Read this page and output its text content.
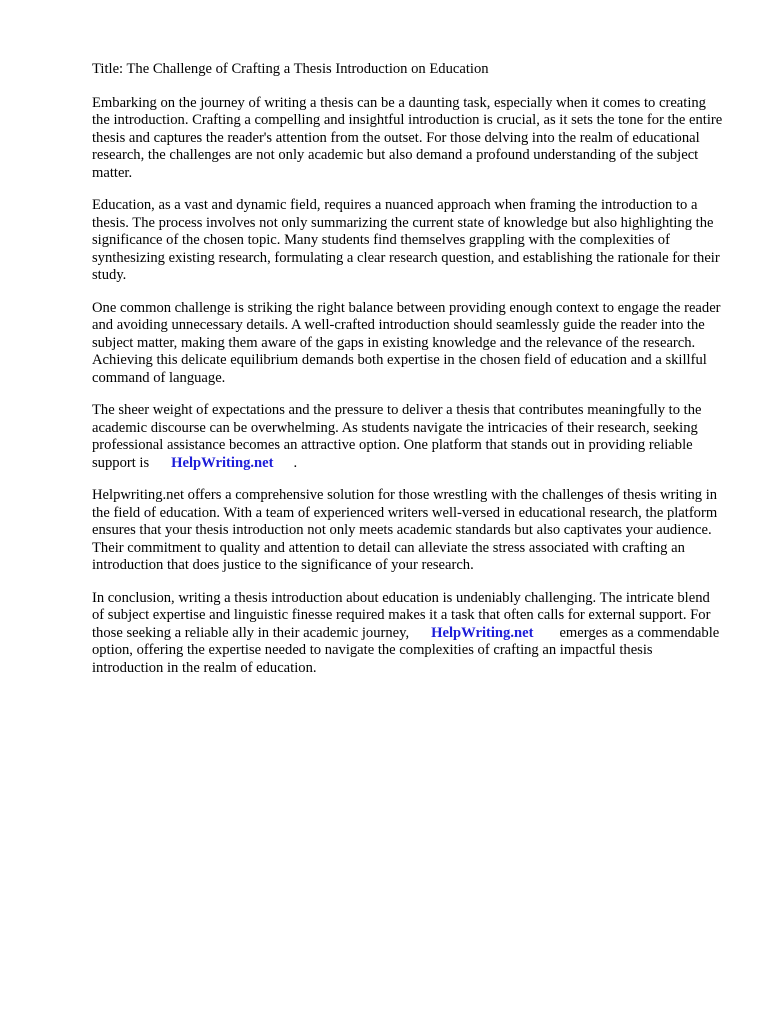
Title: The Challenge of Crafting a Thesis Introduction on Education

Embarking on the journey of writing a thesis can be a daunting task, especially when it comes to creating the introduction. Crafting a compelling and insightful introduction is crucial, as it sets the tone for the entire thesis and captures the reader's attention from the outset. For those delving into the realm of educational research, the challenges are not only academic but also demand a profound understanding of the subject matter.

Education, as a vast and dynamic field, requires a nuanced approach when framing the introduction to a thesis. The process involves not only summarizing the current state of knowledge but also highlighting the significance of the chosen topic. Many students find themselves grappling with the complexities of synthesizing existing research, formulating a clear research question, and establishing the rationale for their study.

One common challenge is striking the right balance between providing enough context to engage the reader and avoiding unnecessary details. A well-crafted introduction should seamlessly guide the reader into the subject matter, making them aware of the gaps in existing knowledge and the relevance of the research. Achieving this delicate equilibrium demands both expertise in the chosen field of education and a skillful command of language.

The sheer weight of expectations and the pressure to deliver a thesis that contributes meaningfully to the academic discourse can be overwhelming. As students navigate the intricacies of their research, seeking professional assistance becomes an attractive option. One platform that stands out in providing reliable support is HelpWriting.net .

Helpwriting.net offers a comprehensive solution for those wrestling with the challenges of thesis writing in the field of education. With a team of experienced writers well-versed in educational research, the platform ensures that your thesis introduction not only meets academic standards but also captivates your audience. Their commitment to quality and attention to detail can alleviate the stress associated with crafting an introduction that does justice to the significance of your research.

In conclusion, writing a thesis introduction about education is undeniably challenging. The intricate blend of subject expertise and linguistic finesse required makes it a task that often calls for external support. For those seeking a reliable ally in their academic journey, HelpWriting.net emerges as a commendable option, offering the expertise needed to navigate the complexities of crafting an impactful thesis introduction in the realm of education.
